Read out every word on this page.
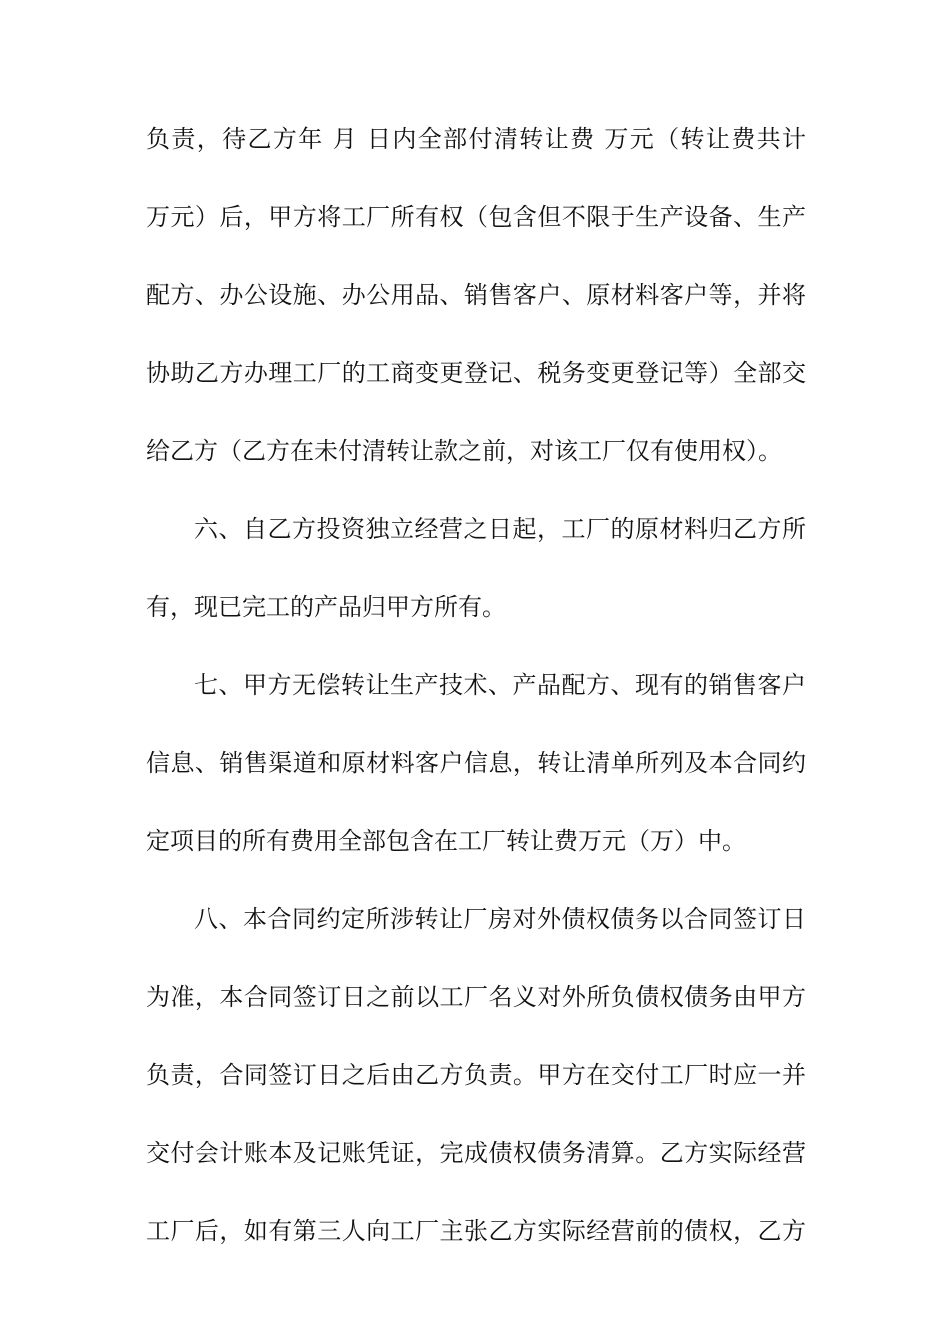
负责，待乙方年 月 日内全部付清转让费 万元（转让费共计
万元）后，甲方将工厂所有权（包含但不限于生产设备、生产
配方、办公设施、办公用品、销售客户、原材料客户等，并将
协助乙方办理工厂的工商变更登记、税务变更登记等）全部交
给乙方（乙方在未付清转让款之前，对该工厂仅有使用权）。
六、自乙方投资独立经营之日起，工厂的原材料归乙方所
有，现已完工的产品归甲方所有。
七、甲方无偿转让生产技术、产品配方、现有的销售客户
信息、销售渠道和原材料客户信息，转让清单所列及本合同约
定项目的所有费用全部包含在工厂转让费万元（万）中。
八、本合同约定所涉转让厂房对外债权债务以合同签订日
为准，本合同签订日之前以工厂名义对外所负债权债务由甲方
负责，合同签订日之后由乙方负责。甲方在交付工厂时应一并
交付会计账本及记账凭证，完成债权债务清算。乙方实际经营
工厂后，如有第三人向工厂主张乙方实际经营前的债权，乙方
